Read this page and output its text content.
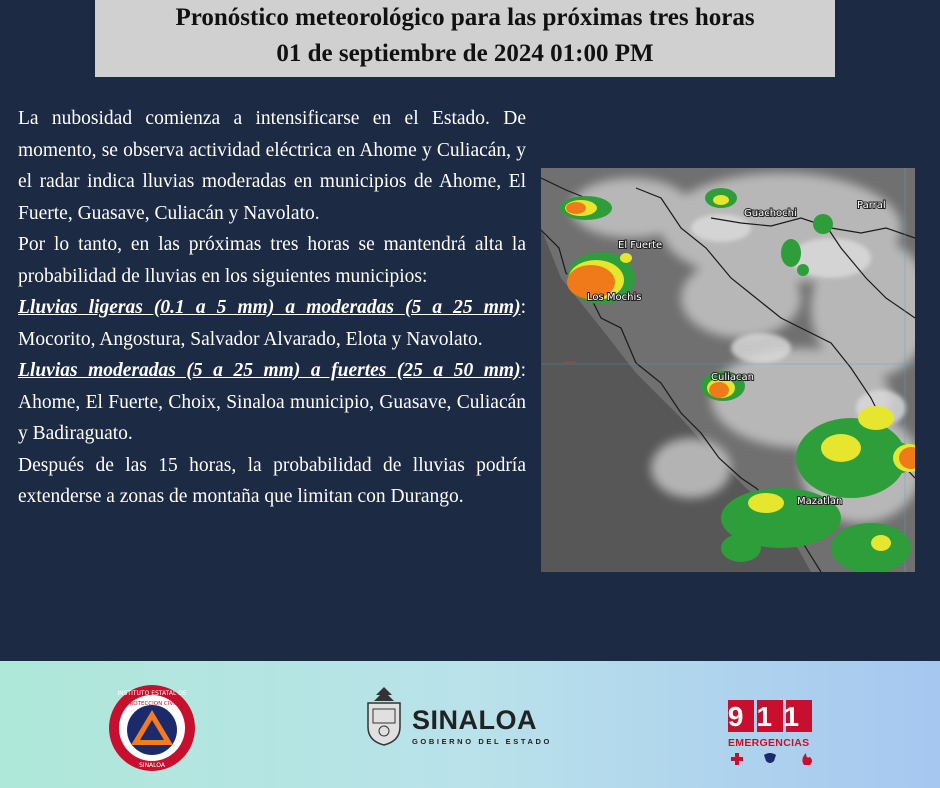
Pronóstico meteorológico para las próximas tres horas
01 de septiembre de 2024 01:00 PM

La nubosidad comienza a intensificarse en el Estado. De momento, se observa actividad eléctrica en Ahome y Culiacán, y el radar indica lluvias moderadas en municipios de Ahome, El Fuerte, Guasave, Culiacán y Navolato.

Por lo tanto, en las próximas tres horas se mantendrá alta la probabilidad de lluvias en los siguientes municipios:

Lluvias ligeras (0.1 a 5 mm) a moderadas (5 a 25 mm): Mocorito, Angostura, Salvador Alvarado, Elota y Navolato.

Lluvias moderadas (5 a 25 mm) a fuertes (25 a 50 mm): Ahome, El Fuerte, Choix, Sinaloa municipio, Guasave, Culiacán y Badiraguato.

Después de las 15 horas, la probabilidad de lluvias podría extenderse a zonas de montaña que limitan con Durango.

Guachochi
Parral
El Fuerte
Los Mochis
Culiacan
Mazatlan
INSTITUTO ESTATAL DE
PROTECCION CIVIL
SINALOA
SINALOA
GOBIERNO DEL ESTADO
911
EMERGENCIAS
